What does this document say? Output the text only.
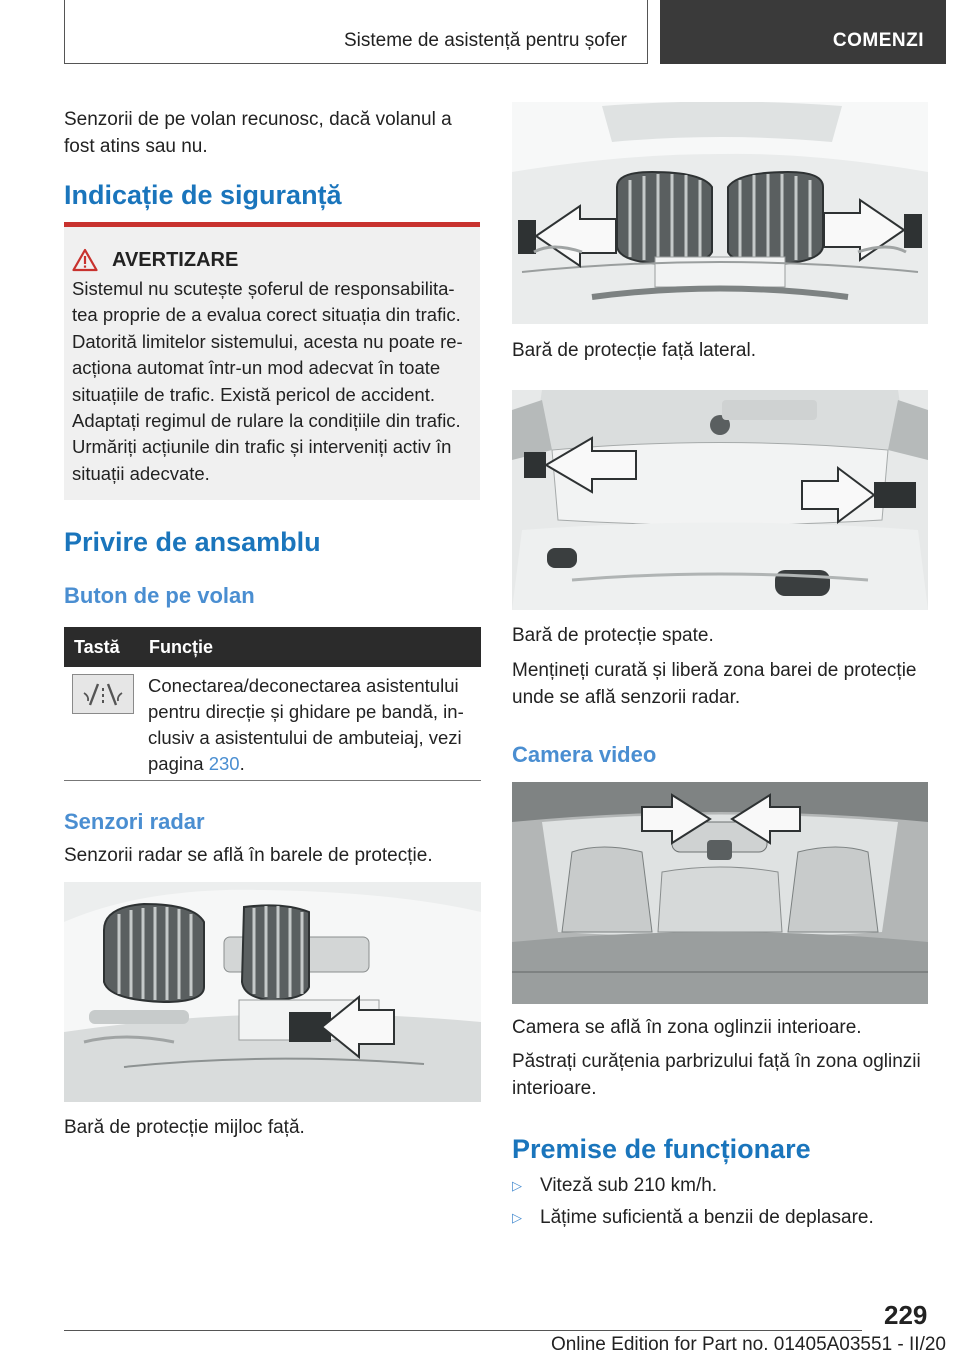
Sisteme de asistență pentru șofer	COMENZI
Senzorii de pe volan recunosc, dacă volanul a
fost atins sau nu.
Indicație de siguranță
AVERTIZARE
Sistemul nu scutește șoferul de responsabilita-
tea proprie de a evalua corect situația din trafic.
Datorită limitelor sistemului, acesta nu poate re-
acționa automat într-un mod adecvat în toate
situațiile de trafic. Există pericol de accident.
Adaptați regimul de rulare la condițiile din trafic.
Urmăriți acțiunile din trafic și interveniți activ în
situații adecvate.
Privire de ansamblu
Buton de pe volan
Tastă Funcție
Conectarea/deconectarea asistentului
pentru direcție și ghidare pe bandă, in-
clusiv a asistentului de ambuteiaj, vezi
pagina 230.
Senzori radar
Senzorii radar se află în barele de protecție.
Bară de protecție mijloc față.
Bară de protecție față lateral.
Bară de protecție spate.
Mențineți curată și liberă zona barei de protecție
unde se află senzorii radar.
Camera video
Camera se află în zona oglinzii interioare.
Păstrați curățenia parbrizului față în zona oglinzii
interioare.
Premise de funcționare
▷ Viteză sub 210 km/h.
▷ Lățime suficientă a benzii de deplasare.
229
Online Edition for Part no. 01405A03551 - II/20
